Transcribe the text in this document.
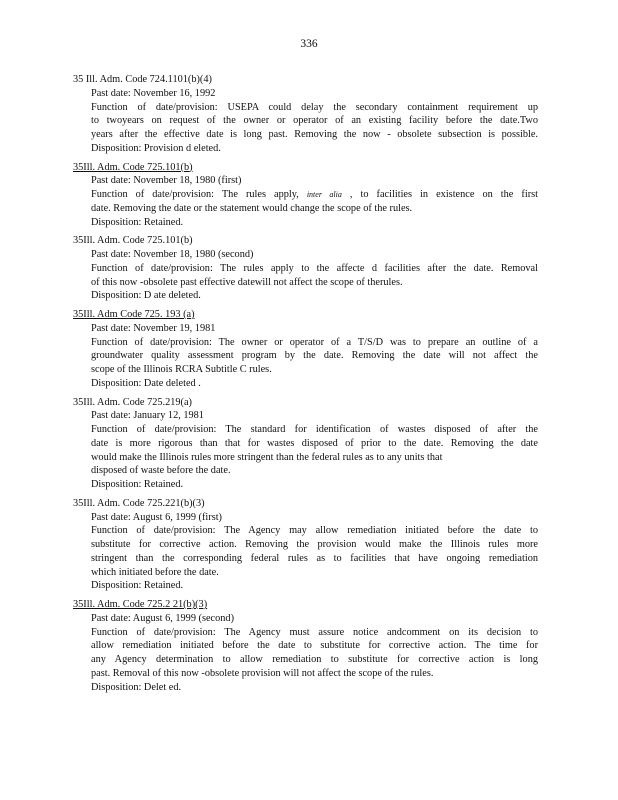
336
35 Ill. Adm. Code 724.1101(b)(4)
Past date: November 16, 1992
Function of date/provision: USEPA could delay the secondary containment requirement up
to twoyears on request of the owner or operator of an existing facility before the date.Two
years after the effective date is long past. Removing the now - obsolete subsection is possible.
Disposition: Provision d eleted.
35Ill. Adm. Code 725.101(b)
Past date: November 18, 1980 (first)
Function of date/provision: The rules apply, inter alia , to facilities in existence on the first
date. Removing the date or the statement would change the scope of the rules.
Disposition: Retained.
35Ill. Adm. Code 725.101(b)
Past date: November 18, 1980 (second)
Function of date/provision: The rules apply to the affecte d facilities after the date. Removal
of this now -obsolete past effective datewill not affect the scope of therules.
Disposition: D ate deleted.
35Ill. Adm Code 725. 193 (a)
Past date: November 19, 1981
Function of date/provision: The owner or operator of a T/S/D was to prepare an outline of a
groundwater quality assessment program by the date. Removing the date will not affect the
scope of the Illinois RCRA Subtitle C rules.
Disposition: Date deleted .
35Ill. Adm. Code 725.219(a)
Past date: January 12, 1981
Function of date/provision: The standard for identification of wastes disposed of after the
date is more rigorous than that for wastes disposed of prior to the date. Removing the date
would make the Illinois rules more stringent than the federal rules as to any units that
disposed of waste before the date.
Disposition: Retained.
35Ill. Adm. Code 725.221(b)(3)
Past date: August 6, 1999 (first)
Function of date/provision: The Agency may allow remediation initiated before the date to
substitute for corrective action. Removing the provision would make the Illinois rules more
stringent than the corresponding federal rules as to facilities that have ongoing remediation
which initiated before the date.
Disposition: Retained.
35Ill. Adm. Code 725.2 21(b)(3)
Past date: August 6, 1999 (second)
Function of date/provision: The Agency must assure notice andcomment on its decision to
allow remediation initiated before the date to substitute for corrective action. The time for
any Agency determination to allow remediation to substitute for corrective action is long
past. Removal of this now -obsolete provision will not affect the scope of the rules.
Disposition: Delet ed.
